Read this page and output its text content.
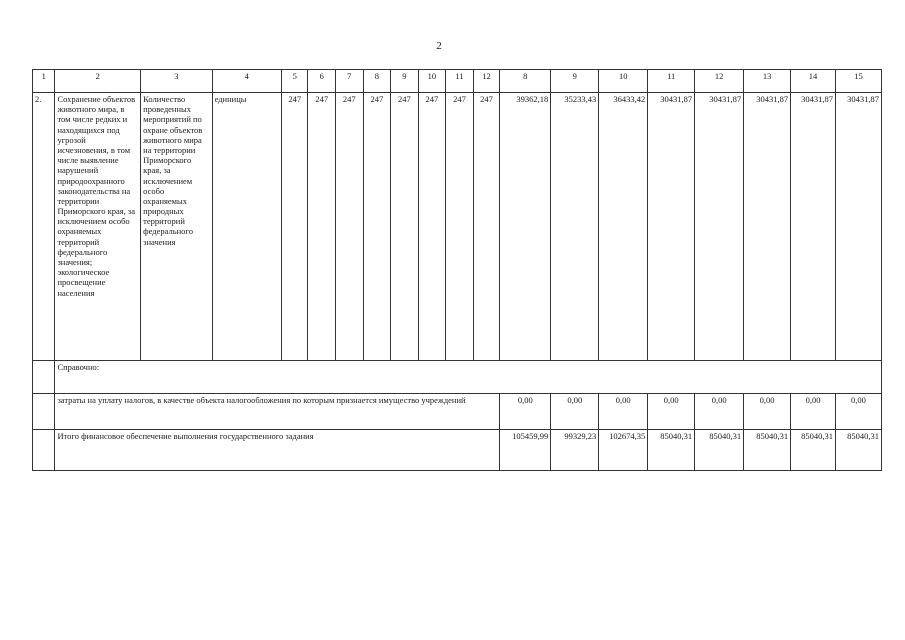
2
1	2	3	4	5	6	7	8	9	10	11	12	8	9	10	11	12	13	14	15
2.	Сохранение объектов животного мира, в том числе редких и находящихся под угрозой исчезновения, в том числе выявление нарушений природоохранного законодательства на территории Приморского края, за исключением особо охраняемых территорий федерального значения; экологическое просвещение населения	Количество проведенных мероприятий по охране объектов животного мира на территории Приморского края, за исключением особо охраняемых природных территорий федерального значения	единицы	247	247	247	247	247	247	247	247	39362,18	35233,43	36433,42	30431,87	30431,87	30431,87	30431,87	30431,87
	Справочно:																		
	затраты на уплату налогов, в качестве объекта налогообложения по которым признается имущество учреждений											0,00	0,00	0,00	0,00	0,00	0,00	0,00	0,00
	Итого финансовое обеспечение выполнения государственного задания											105459,99	99329,23	102674,35	85040,31	85040,31	85040,31	85040,31	85040,31
